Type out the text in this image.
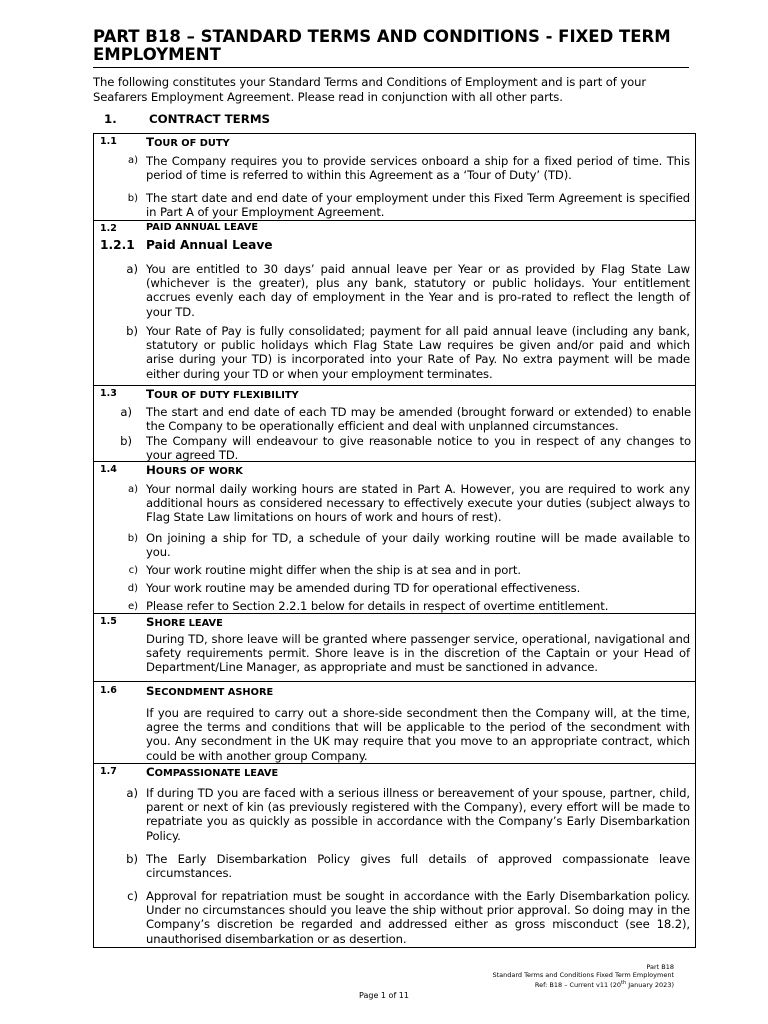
PART B18 – STANDARD TERMS AND CONDITIONS - FIXED TERM EMPLOYMENT

The following constitutes your Standard Terms and Conditions of Employment and is part of your Seafarers Employment Agreement. Please read in conjunction with all other parts.

1.	CONTRACT TERMS
1.1 TOUR OF DUTY
a) The Company requires you to provide services onboard a ship for a fixed period of time. This period of time is referred to within this Agreement as a ‘Tour of Duty’ (TD).

b) The start date and end date of your employment under this Fixed Term Agreement is specified in Part A of your Employment Agreement.

1.2	PAID ANNUAL LEAVE
1.2.1 Paid Annual Leave
a) You are entitled to 30 days’ paid annual leave per Year or as provided by Flag State Law (whichever is the greater), plus any bank, statutory or public holidays. Your entitlement accrues evenly each day of employment in the Year and is pro-rated to reflect the length of your TD.

b) Your Rate of Pay is fully consolidated; payment for all paid annual leave (including any bank, statutory or public holidays which Flag State Law requires be given and/or paid and which arise during your TD) is incorporated into your Rate of Pay. No extra payment will be made either during your TD or when your employment terminates.

1.3 TOUR OF DUTY FLEXIBILITY
a) The start and end date of each TD may be amended (brought forward or extended) to enable the Company to be operationally efficient and deal with unplanned circumstances.

b) The Company will endeavour to give reasonable notice to you in respect of any changes to your agreed TD.

1.4 HOURS OF WORK
a) Your normal daily working hours are stated in Part A. However, you are required to work any additional hours as considered necessary to effectively execute your duties (subject always to Flag State Law limitations on hours of work and hours of rest).

b) On joining a ship for TD, a schedule of your daily working routine will be made available to you.

c) Your work routine might differ when the ship is at sea and in port.

d) Your work routine may be amended during TD for operational effectiveness.

e) Please refer to Section 2.2.1 below for details in respect of overtime entitlement.

1.5 SHORE LEAVE

During TD, shore leave will be granted where passenger service, operational, navigational and safety requirements permit. Shore leave is in the discretion of the Captain or your Head of Department/Line Manager, as appropriate and must be sanctioned in advance.

1.6 SECONDMENT ASHORE

If you are required to carry out a shore-side secondment then the Company will, at the time, agree the terms and conditions that will be applicable to the period of the secondment with you. Any secondment in the UK may require that you move to an appropriate contract, which could be with another group Company.

1.7 COMPASSIONATE LEAVE
a) If during TD you are faced with a serious illness or bereavement of your spouse, partner, child, parent or next of kin (as previously registered with the Company), every effort will be made to repatriate you as quickly as possible in accordance with the Company’s Early Disembarkation Policy.

b) The Early Disembarkation Policy gives full details of approved compassionate leave circumstances.

c) Approval for repatriation must be sought in accordance with the Early Disembarkation policy. Under no circumstances should you leave the ship without prior approval. So doing may in the Company’s discretion be regarded and addressed either as gross misconduct (see 18.2), unauthorised disembarkation or as desertion.

Part B18
Standard Terms and Conditions Fixed Term Employment
Ref: B18 – Current v11 (20th January 2023)
Page 1 of 11
